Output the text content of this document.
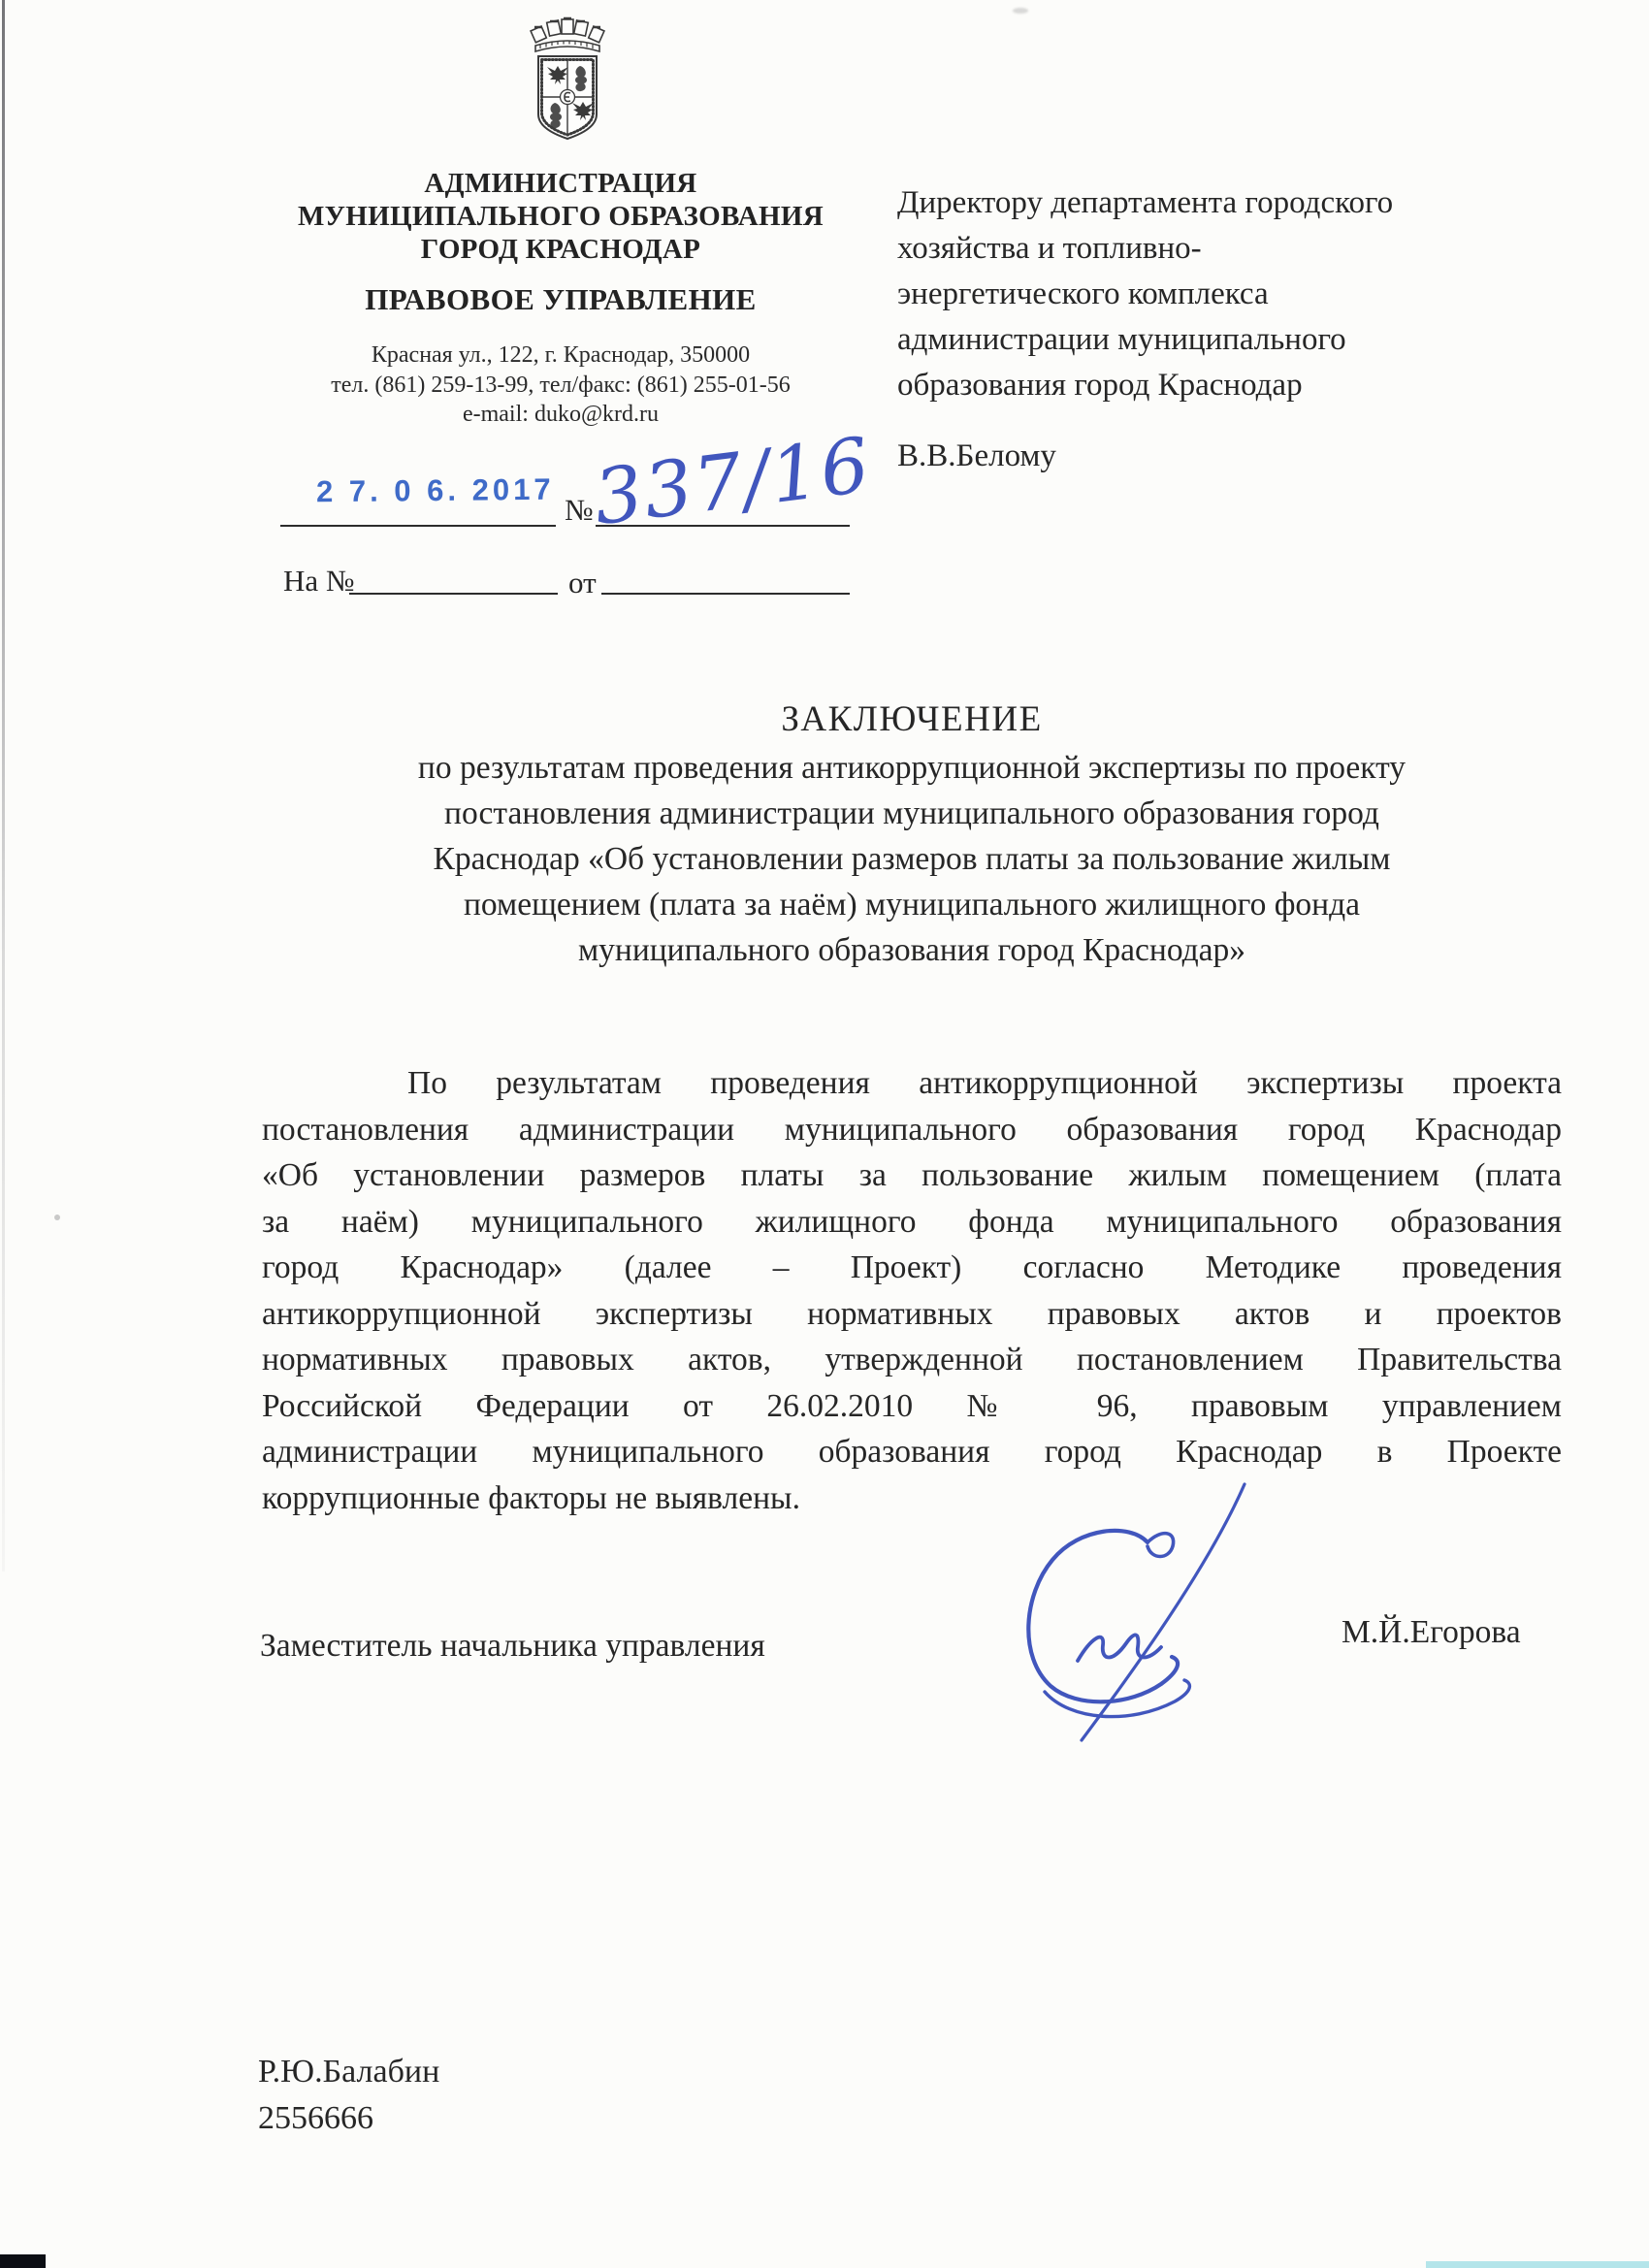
АДМИНИСТРАЦИЯ
МУНИЦИПАЛЬНОГО ОБРАЗОВАНИЯ
ГОРОД КРАСНОДАР
ПРАВОВОЕ УПРАВЛЕНИЕ
Красная ул., 122, г. Краснодар, 350000
тел. (861) 259-13-99, тел/факс: (861) 255-01-56
e-mail: duko@krd.ru
Директору департамента городского
хозяйства и топливно-
энергетического комплекса
администрации муниципального
образования город Краснодар
В.В.Белому
2 7. 0 6. 2017
№
337/16
На №	от
ЗАКЛЮЧЕНИЕ
по результатам проведения антикоррупционной экспертизы по проекту
постановления администрации муниципального образования город
Краснодар «Об установлении размеров платы за пользование жилым
помещением (плата за наём) муниципального жилищного фонда
муниципального образования город Краснодар»
По результатам проведения антикоррупционной экспертизы проекта
постановления администрации муниципального образования город Краснодар
«Об установлении размеров платы за пользование жилым помещением (плата
за наём) муниципального жилищного фонда муниципального образования
город Краснодар» (далее – Проект) согласно Методике проведения
антикоррупционной экспертизы нормативных правовых актов и проектов
нормативных правовых актов, утвержденной постановлением Правительства
Российской Федерации от 26.02.2010 № 96, правовым управлением
администрации муниципального образования город Краснодар в Проекте
коррупционные факторы не выявлены.
Заместитель начальника управления	М.Й.Егорова
Р.Ю.Балабин
2556666
